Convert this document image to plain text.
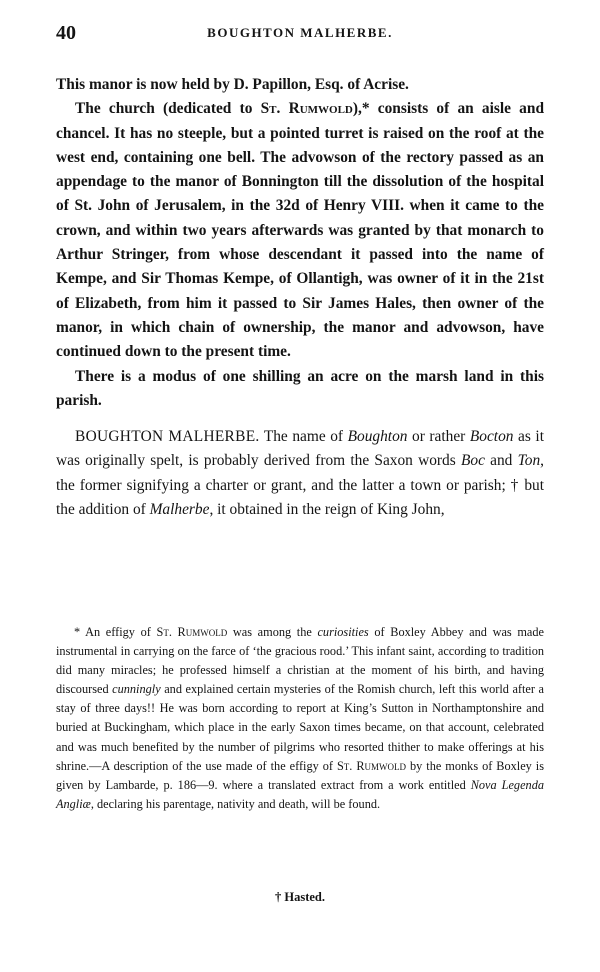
40	BOUGHTON MALHERBE.

This manor is now held by D. Papillon, Esq. of Acrise.

The church (dedicated to St. Rumwold),* consists of an aisle and chancel. It has no steeple, but a pointed turret is raised on the roof at the west end, containing one bell. The advowson of the rectory passed as an appendage to the manor of Bonnington till the dissolution of the hospital of St. John of Jerusalem, in the 32d of Henry VIII. when it came to the crown, and within two years afterwards was granted by that monarch to Arthur Stringer, from whose descendant it passed into the name of Kempe, and Sir Thomas Kempe, of Ollantigh, was owner of it in the 21st of Elizabeth, from him it passed to Sir James Hales, then owner of the manor, in which chain of ownership, the manor and advowson, have continued down to the present time.

There is a modus of one shilling an acre on the marsh land in this parish.

BOUGHTON MALHERBE. The name of Boughton or rather Bocton as it was originally spelt, is probably derived from the Saxon words Boc and Ton, the former signifying a charter or grant, and the latter a town or parish; † but the addition of Malherbe, it obtained in the reign of King John,

* An effigy of St. Rumwold was among the curiosities of Boxley Abbey and was made instrumental in carrying on the farce of ‘the gracious rood.’ This infant saint, according to tradition did many miracles; he professed himself a christian at the moment of his birth, and having discoursed cunningly and explained certain mysteries of the Romish church, left this world after a stay of three days!! He was born according to report at King’s Sutton in Northamptonshire and buried at Buckingham, which place in the early Saxon times became, on that account, celebrated and was much benefited by the number of pilgrims who resorted thither to make offerings at his shrine.—A description of the use made of the effigy of St. Rumwold by the monks of Boxley is given by Lambarde, p. 186—9. where a translated extract from a work entitled Nova Legenda Angliæ, declaring his parentage, nativity and death, will be found.

† Hasted.
